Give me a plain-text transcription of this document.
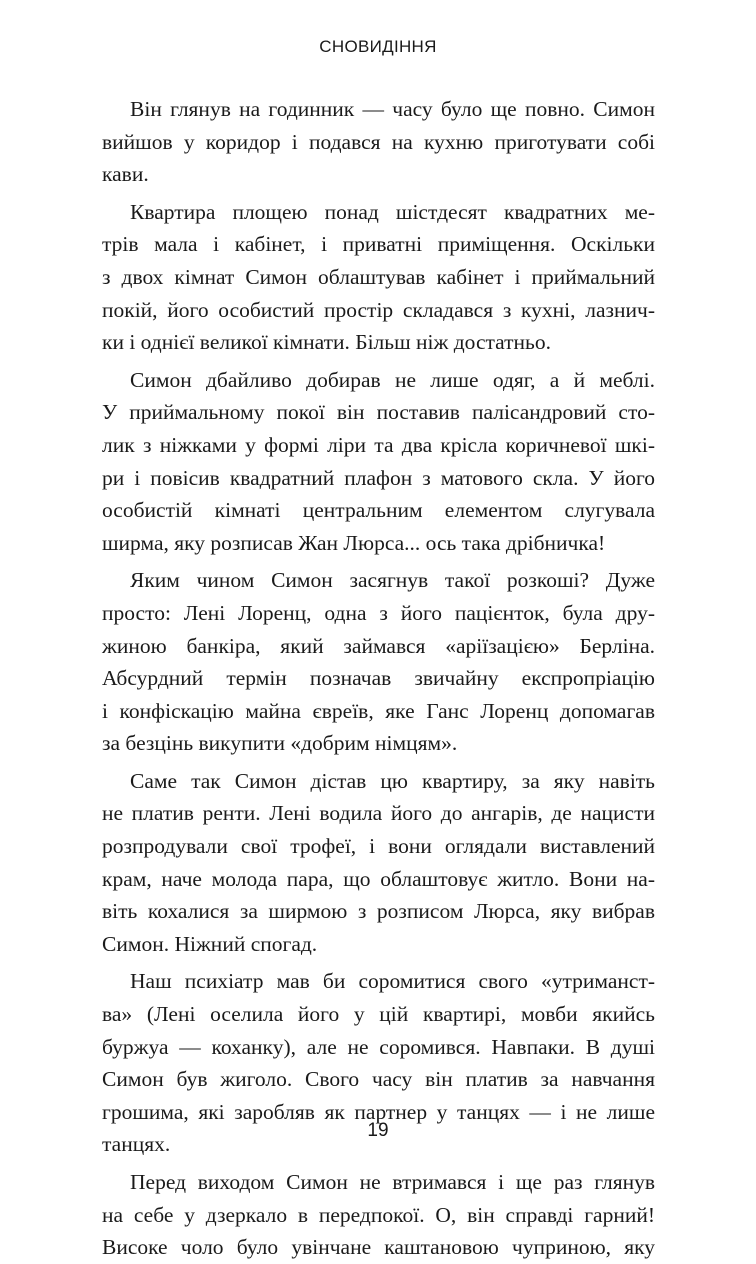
СНОВИДІННЯ
Він глянув на годинник — часу було ще повно. Симон
вийшов у коридор і подався на кухню приготувати собі
кави.
Квартира площею понад шістдесят квадратних ме-
трів мала і кабінет, і приватні приміщення. Оскільки
з двох кімнат Симон облаштував кабінет і приймальний
покій, його особистий простір складався з кухні, лазнич-
ки і однієї великої кімнати. Більш ніж достатньо.
Симон дбайливо добирав не лише одяг, а й меблі.
У приймальному покої він поставив палісандровий сто-
лик з ніжками у формі ліри та два крісла коричневої шкі-
ри і повісив квадратний плафон з матового скла. У його
особистій кімнаті центральним елементом слугувала
ширма, яку розписав Жан Люрса... ось така дрібничка!
Яким чином Симон засягнув такої розкоші? Дуже
просто: Лені Лоренц, одна з його пацієнток, була дру-
жиною банкіра, який займався «аріїзацією» Берліна.
Абсурдний термін позначав звичайну експропріацію
і конфіскацію майна євреїв, яке Ганс Лоренц допомагав
за безцінь викупити «добрим німцям».
Саме так Симон дістав цю квартиру, за яку навіть
не платив ренти. Лені водила його до ангарів, де нацисти
розпродували свої трофеї, і вони оглядали виставлений
крам, наче молода пара, що облаштовує житло. Вони на-
віть кохалися за ширмою з розписом Люрса, яку вибрав
Симон. Ніжний спогад.
Наш психіатр мав би соромитися свого «утриманст-
ва» (Лені оселила його у цій квартирі, мовби якийсь
буржуа — коханку), але не соромився. Навпаки. В душі
Симон був жиголо. Свого часу він платив за навчання
грошима, які заробляв як партнер у танцях — і не лише
танцях.
Перед виходом Симон не втримався і ще раз глянув
на себе у дзеркало в передпокої. О, він справді гарний!
Високе чоло було увінчане каштановою чуприною, яку
19
